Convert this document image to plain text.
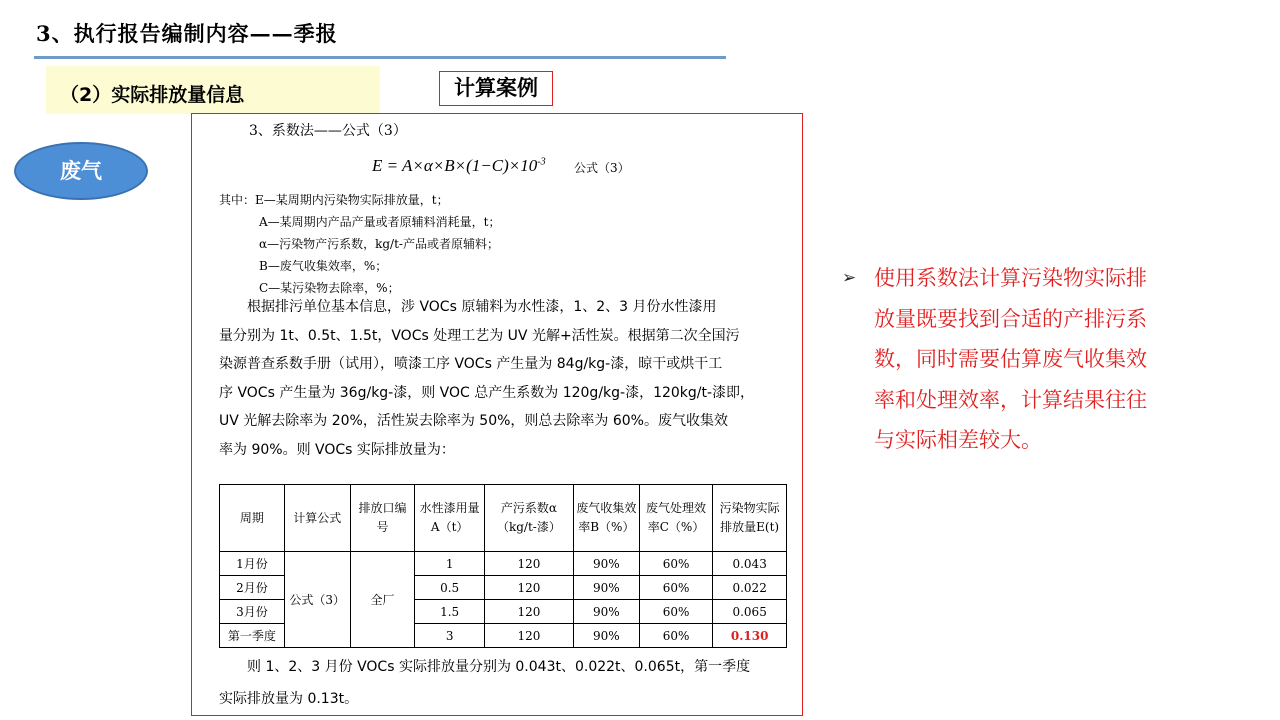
3、执行报告编制内容——季报
（2）实际排放量信息	计算案例
废气
3、系数法——公式（3）
$E = A\times\alpha\times B\times(1-C)\times 10^{-3}$ 公式（3）
其中：E—某周期内污染物实际排放量，t；
A—某周期内产品产量或者原辅料消耗量，t；
α—污染物产污系数，kg/t-产品或者原辅料；
B—废气收集效率，%；
C—某污染物去除率，%；

根据排污单位基本信息，涉 VOCs 原辅料为水性漆，1、2、3 月份水性漆用

量分别为 1t、0.5t、1.5t，VOCs 处理工艺为 UV 光解+活性炭。根据第二次全国污

染源普查系数手册（试用），喷漆工序 VOCs 产生量为 84g/kg-漆，晾干或烘干工

序 VOCs 产生量为 36g/kg-漆，则 VOC 总产生系数为 120g/kg-漆，120kg/t-漆即，

UV 光解去除率为 20%，活性炭去除率为 50%，则总去除率为 60%。废气收集效

率为 90%。则 VOCs 实际排放量为：

周期	计算公式	排放口编号	水性漆用量A（t）	产污系数α（kg/t-漆）	废气收集效率B（%）	废气处理效率C（%）	污染物实际排放量E(t)
1月份	公式（3）	全厂	1	120	90%	60%	0.043
2月份			0.5	120	90%	60%	0.022
3月份			1.5	120	90%	60%	0.065
第一季度			3	120	90%	60%	0.130

则 1、2、3 月份 VOCs 实际排放量分别为 0.043t、0.022t、0.065t，第一季度

实际排放量为 0.13t。

➢ 使用系数法计算污染物实际排
放量既要找到合适的产排污系
数，同时需要估算废气收集效
率和处理效率，计算结果往往
与实际相差较大。
